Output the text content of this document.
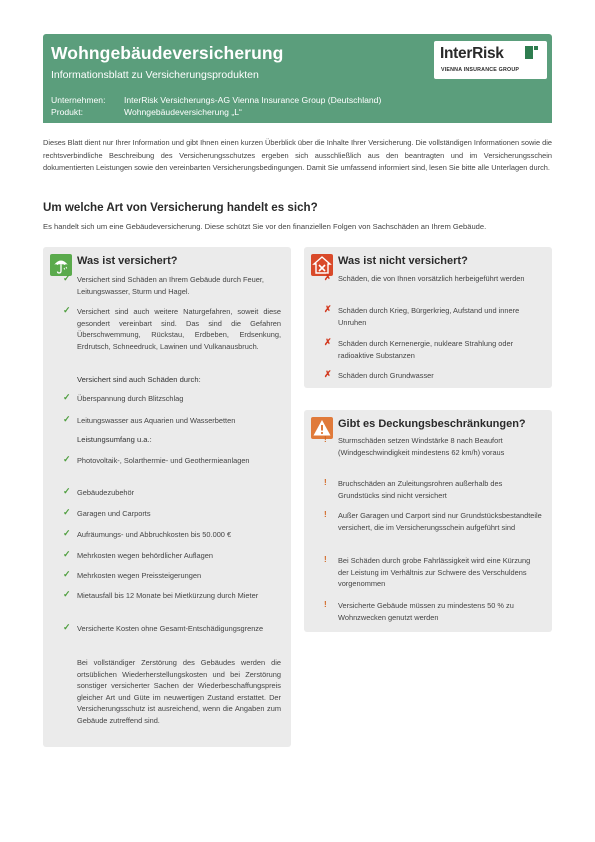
Wohngebäudeversicherung
Informationsblatt zu Versicherungsprodukten
Unternehmen: InterRisk Versicherungs-AG Vienna Insurance Group (Deutschland)
Produkt:	Wohngebäudeversicherung „L“
InterRisk
VIENNA INSURANCE GROUP
Dieses Blatt dient nur Ihrer Information und gibt Ihnen einen kurzen Überblick über die Inhalte Ihrer Versicherung. Die vollständigen Informationen sowie die rechtsverbindliche Beschreibung des Versicherungsschutzes ergeben sich ausschließlich aus den beantragten und im Versicherungsschein dokumentierten Leistungen sowie den vereinbarten Versicherungsbedingungen. Damit Sie umfassend informiert sind, lesen Sie bitte alle Unterlagen durch.
Um welche Art von Versicherung handelt es sich?
Es handelt sich um eine Gebäudeversicherung. Diese schützt Sie vor den finanziellen Folgen von Sachschäden an Ihrem Gebäude.
Was ist versichert?
✓ Versichert sind Schäden an Ihrem Gebäude durch Feuer, Leitungswasser, Sturm und Hagel.
✓ Versichert sind auch weitere Naturgefahren, soweit diese gesondert vereinbart sind. Das sind die Gefahren Überschwemmung, Rückstau, Erdbeben, Erdsenkung, Erdrutsch, Schneedruck, Lawinen und Vulkanausbruch.
Versichert sind auch Schäden durch:
✓ Überspannung durch Blitzschlag
✓ Leitungswasser aus Aquarien und Wasserbetten
Leistungsumfang u.a.:
✓ Photovoltaik-, Solarthermie- und Geothermieanlagen
✓ Gebäudezubehör
✓ Garagen und Carports
✓ Aufräumungs- und Abbruchkosten bis 50.000 €
✓ Mehrkosten wegen behördlicher Auflagen
✓ Mehrkosten wegen Preissteigerungen
✓ Mietausfall bis 12 Monate bei Mietkürzung durch Mieter
✓ Versicherte Kosten ohne Gesamt-Entschädigungsgrenze
Bei vollständiger Zerstörung des Gebäudes werden die ortsüblichen Wiederherstellungskosten und bei Zerstörung sonstiger versicherter Sachen der Wiederbeschaffungspreis gleicher Art und Güte im neuwertigen Zustand erstattet. Der Versicherungsschutz ist ausreichend, wenn die Angaben zum Gebäude zutreffend sind.
Was ist nicht versichert?
✗ Schäden, die von Ihnen vorsätzlich herbeigeführt werden
✗ Schäden durch Krieg, Bürgerkrieg, Aufstand und innere Unruhen
✗ Schäden durch Kernenergie, nukleare Strahlung oder radioaktive Substanzen
✗ Schäden durch Grundwasser
Gibt es Deckungsbeschränkungen?
! Sturmschäden setzen Windstärke 8 nach Beaufort (Windgeschwindigkeit mindestens 62 km/h) voraus
! Bruchschäden an Zuleitungsrohren außerhalb des Grundstücks sind nicht versichert
! Außer Garagen und Carport sind nur Grundstücksbestandteile versichert, die im Versicherungsschein aufgeführt sind
! Bei Schäden durch grobe Fahrlässigkeit wird eine Kürzung der Leistung im Verhältnis zur Schwere des Verschuldens vorgenommen
! Versicherte Gebäude müssen zu mindestens 50 % zu Wohnzwecken genutzt werden
